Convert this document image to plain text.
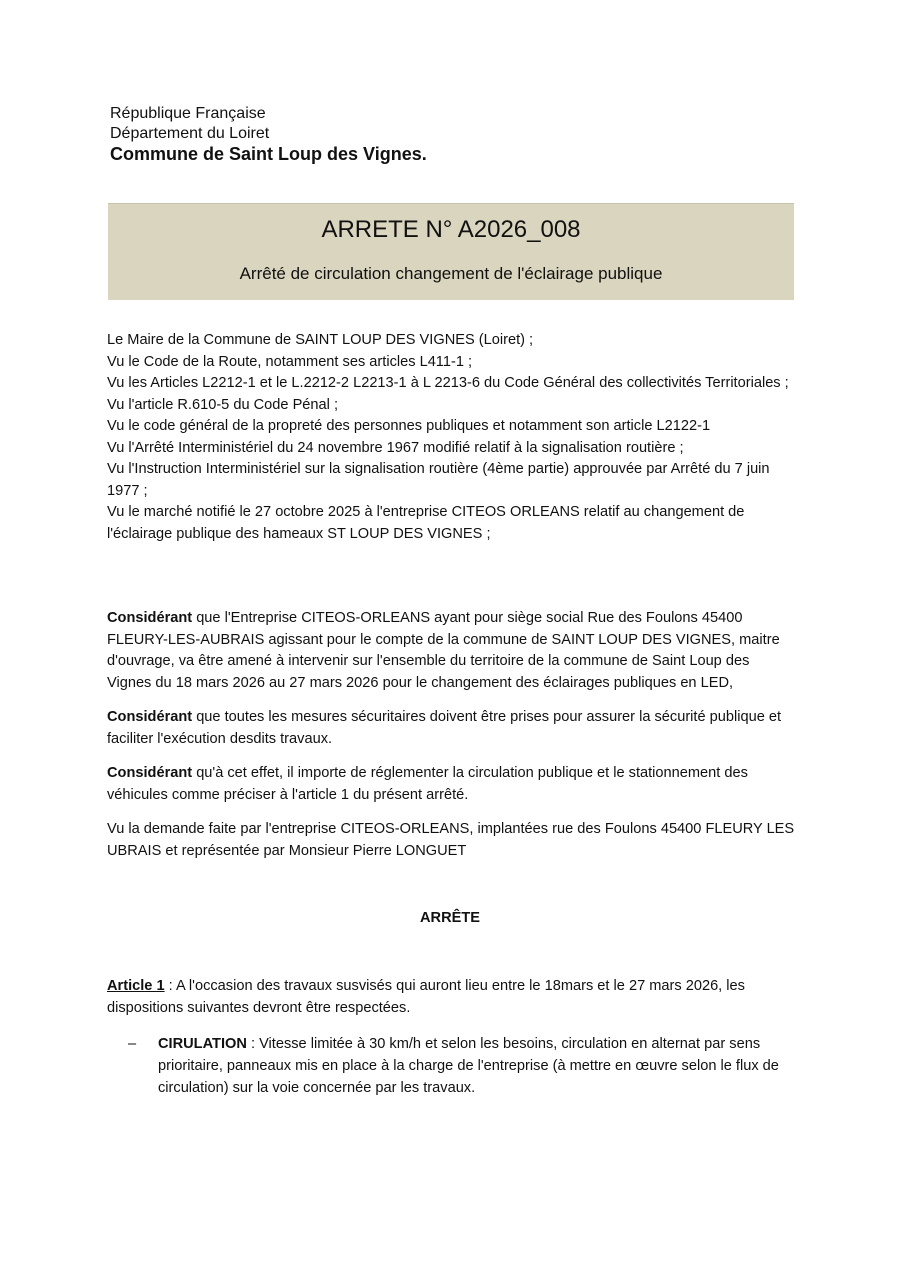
République Française
Département du Loiret
Commune de Saint Loup des Vignes.
ARRETE N° A2026_008
Arrêté de circulation changement de l'éclairage publique

Le Maire de la Commune de SAINT LOUP DES VIGNES (Loiret) ;

Vu le Code de la Route, notamment ses articles L411-1 ;

Vu les Articles L2212-1 et le L.2212-2 L2213-1 à L 2213-6 du Code Général des collectivités Territoriales ;

Vu l'article R.610-5 du Code Pénal ;

Vu le code général de la propreté des personnes publiques et notamment son article L2122-1

Vu l'Arrêté Interministériel du 24 novembre 1967 modifié relatif à la signalisation routière ;

Vu l'Instruction Interministériel sur la signalisation routière (4ème partie) approuvée par Arrêté du 7 juin 1977 ;

Vu le marché notifié le 27 octobre 2025 à l'entreprise CITEOS ORLEANS relatif au changement de l'éclairage publique des hameaux ST LOUP DES VIGNES ;

Considérant que l'Entreprise CITEOS-ORLEANS ayant pour siège social Rue des Foulons 45400 FLEURY-LES-AUBRAIS agissant pour le compte de la commune de SAINT LOUP DES VIGNES, maitre d'ouvrage, va être amené à intervenir sur l'ensemble du territoire de la commune de Saint Loup des Vignes du 18 mars 2026 au 27 mars 2026 pour le changement des éclairages publiques en LED,

Considérant que toutes les mesures sécuritaires doivent être prises pour assurer la sécurité publique et faciliter l'exécution desdits travaux.

Considérant qu'à cet effet, il importe de réglementer la circulation publique et le stationnement des véhicules comme préciser à l'article 1 du présent arrêté.

Vu la demande faite par l'entreprise CITEOS-ORLEANS, implantées rue des Foulons 45400 FLEURY LES UBRAIS et représentée par Monsieur Pierre LONGUET

ARRÊTE

Article 1 : A l'occasion des travaux susvisés qui auront lieu entre le 18mars et le 27 mars 2026, les dispositions suivantes devront être respectées.

– CIRULATION : Vitesse limitée à 30 km/h et selon les besoins, circulation en alternat par sens prioritaire, panneaux mis en place à la charge de l'entreprise (à mettre en œuvre selon le flux de circulation) sur la voie concernée par les travaux.
